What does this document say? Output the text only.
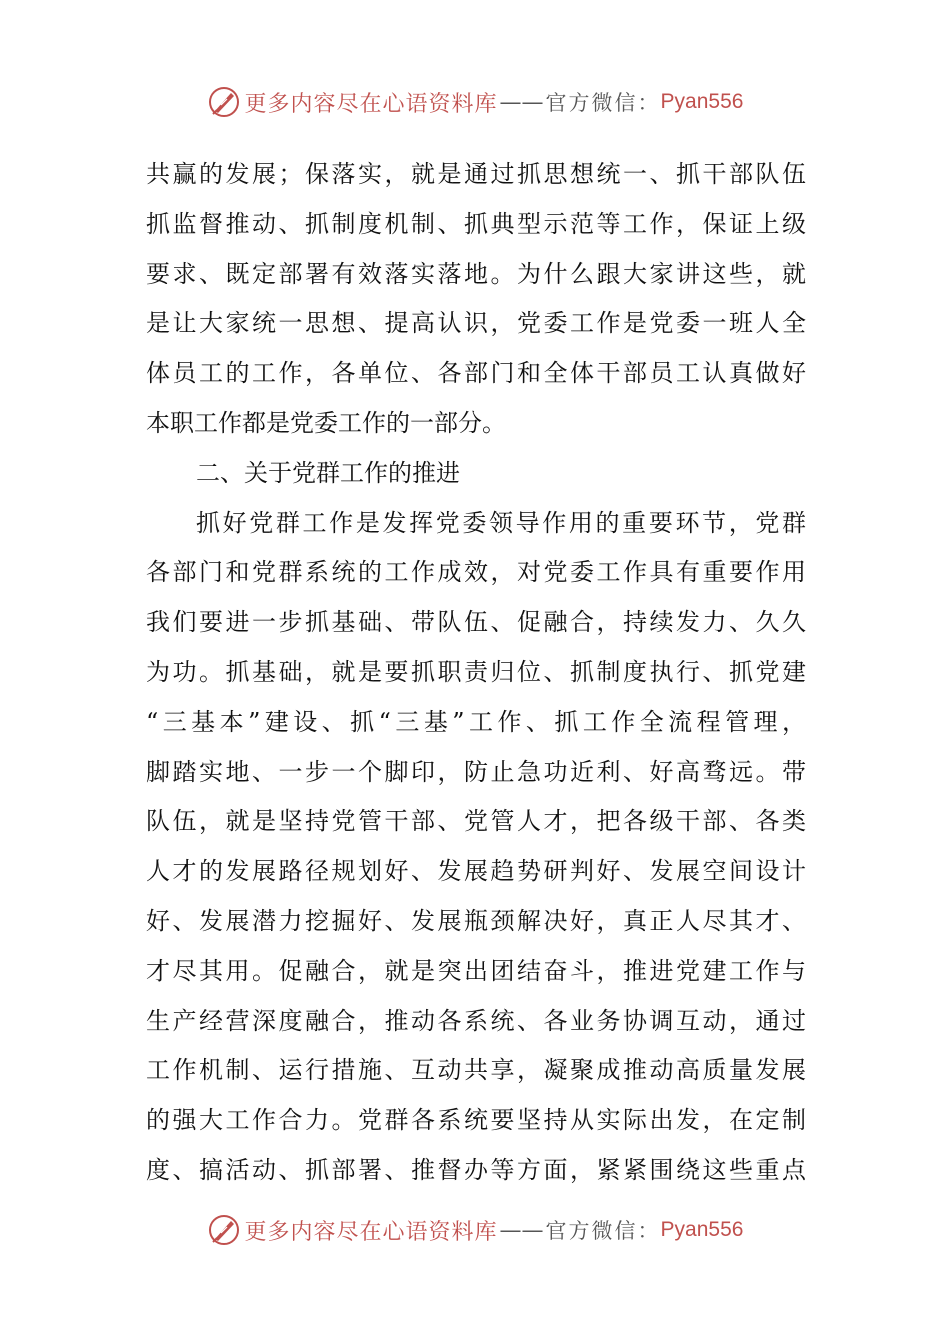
更多内容尽在心语资料库 —— 官方微信： Pyan556
共赢的发展；保落实，就是通过抓思想统一、抓干部队伍
抓监督推动、抓制度机制、抓典型示范等工作，保证上级
要求、既定部署有效落实落地。为什么跟大家讲这些，就
是让大家统一思想、提高认识，党委工作是党委一班人全
体员工的工作，各单位、各部门和全体干部员工认真做好
本职工作都是党委工作的一部分。
二、关于党群工作的推进
抓好党群工作是发挥党委领导作用的重要环节，党群
各部门和党群系统的工作成效，对党委工作具有重要作用
我们要进一步抓基础、带队伍、促融合，持续发力、久久
为功。抓基础，就是要抓职责归位、抓制度执行、抓党建
“三基本”建设、抓“三基”工作、抓工作全流程管理，
脚踏实地、一步一个脚印，防止急功近利、好高骛远。带
队伍，就是坚持党管干部、党管人才，把各级干部、各类
人才的发展路径规划好、发展趋势研判好、发展空间设计
好、发展潜力挖掘好、发展瓶颈解决好，真正人尽其才、
才尽其用。促融合，就是突出团结奋斗，推进党建工作与
生产经营深度融合，推动各系统、各业务协调互动，通过
工作机制、运行措施、互动共享，凝聚成推动高质量发展
的强大工作合力。党群各系统要坚持从实际出发，在定制
度、搞活动、抓部署、推督办等方面，紧紧围绕这些重点
更多内容尽在心语资料库 —— 官方微信： Pyan556
